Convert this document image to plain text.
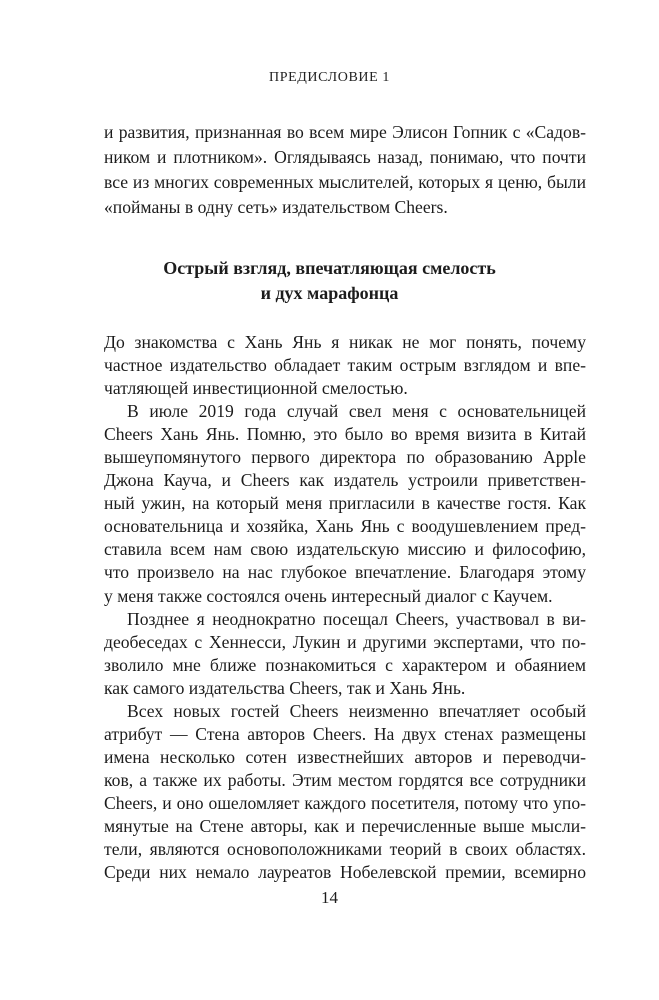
ПРЕДИСЛОВИЕ 1
и развития, признанная во всем мире Элисон Гопник с «Садов-
ником и плотником». Оглядываясь назад, понимаю, что почти
все из многих современных мыслителей, которых я ценю, были
«пойманы в одну сеть» издательством Cheers.
Острый взгляд, впечатляющая смелость
и дух марафонца
До знакомства с Хань Янь я никак не мог понять, почему
частное издательство обладает таким острым взглядом и впе-
чатляющей инвестиционной смелостью.
В июле 2019 года случай свел меня с основательницей
Cheers Хань Янь. Помню, это было во время визита в Китай
вышеупомянутого первого директора по образованию Apple
Джона Кауча, и Cheers как издатель устроили приветствен-
ный ужин, на который меня пригласили в качестве гостя. Как
основательница и хозяйка, Хань Янь с воодушевлением пред-
ставила всем нам свою издательскую миссию и философию,
что произвело на нас глубокое впечатление. Благодаря этому
у меня также состоялся очень интересный диалог с Каучем.
Позднее я неоднократно посещал Cheers, участвовал в ви-
деобеседах с Хеннесси, Лукин и другими экспертами, что по-
зволило мне ближе познакомиться с характером и обаянием
как самого издательства Cheers, так и Хань Янь.
Всех новых гостей Cheers неизменно впечатляет особый
атрибут — Стена авторов Cheers. На двух стенах размещены
имена несколько сотен известнейших авторов и переводчи-
ков, а также их работы. Этим местом гордятся все сотрудники
Cheers, и оно ошеломляет каждого посетителя, потому что упо-
мянутые на Стене авторы, как и перечисленные выше мысли-
тели, являются основоположниками теорий в своих областях.
Среди них немало лауреатов Нобелевской премии, всемирно
14
